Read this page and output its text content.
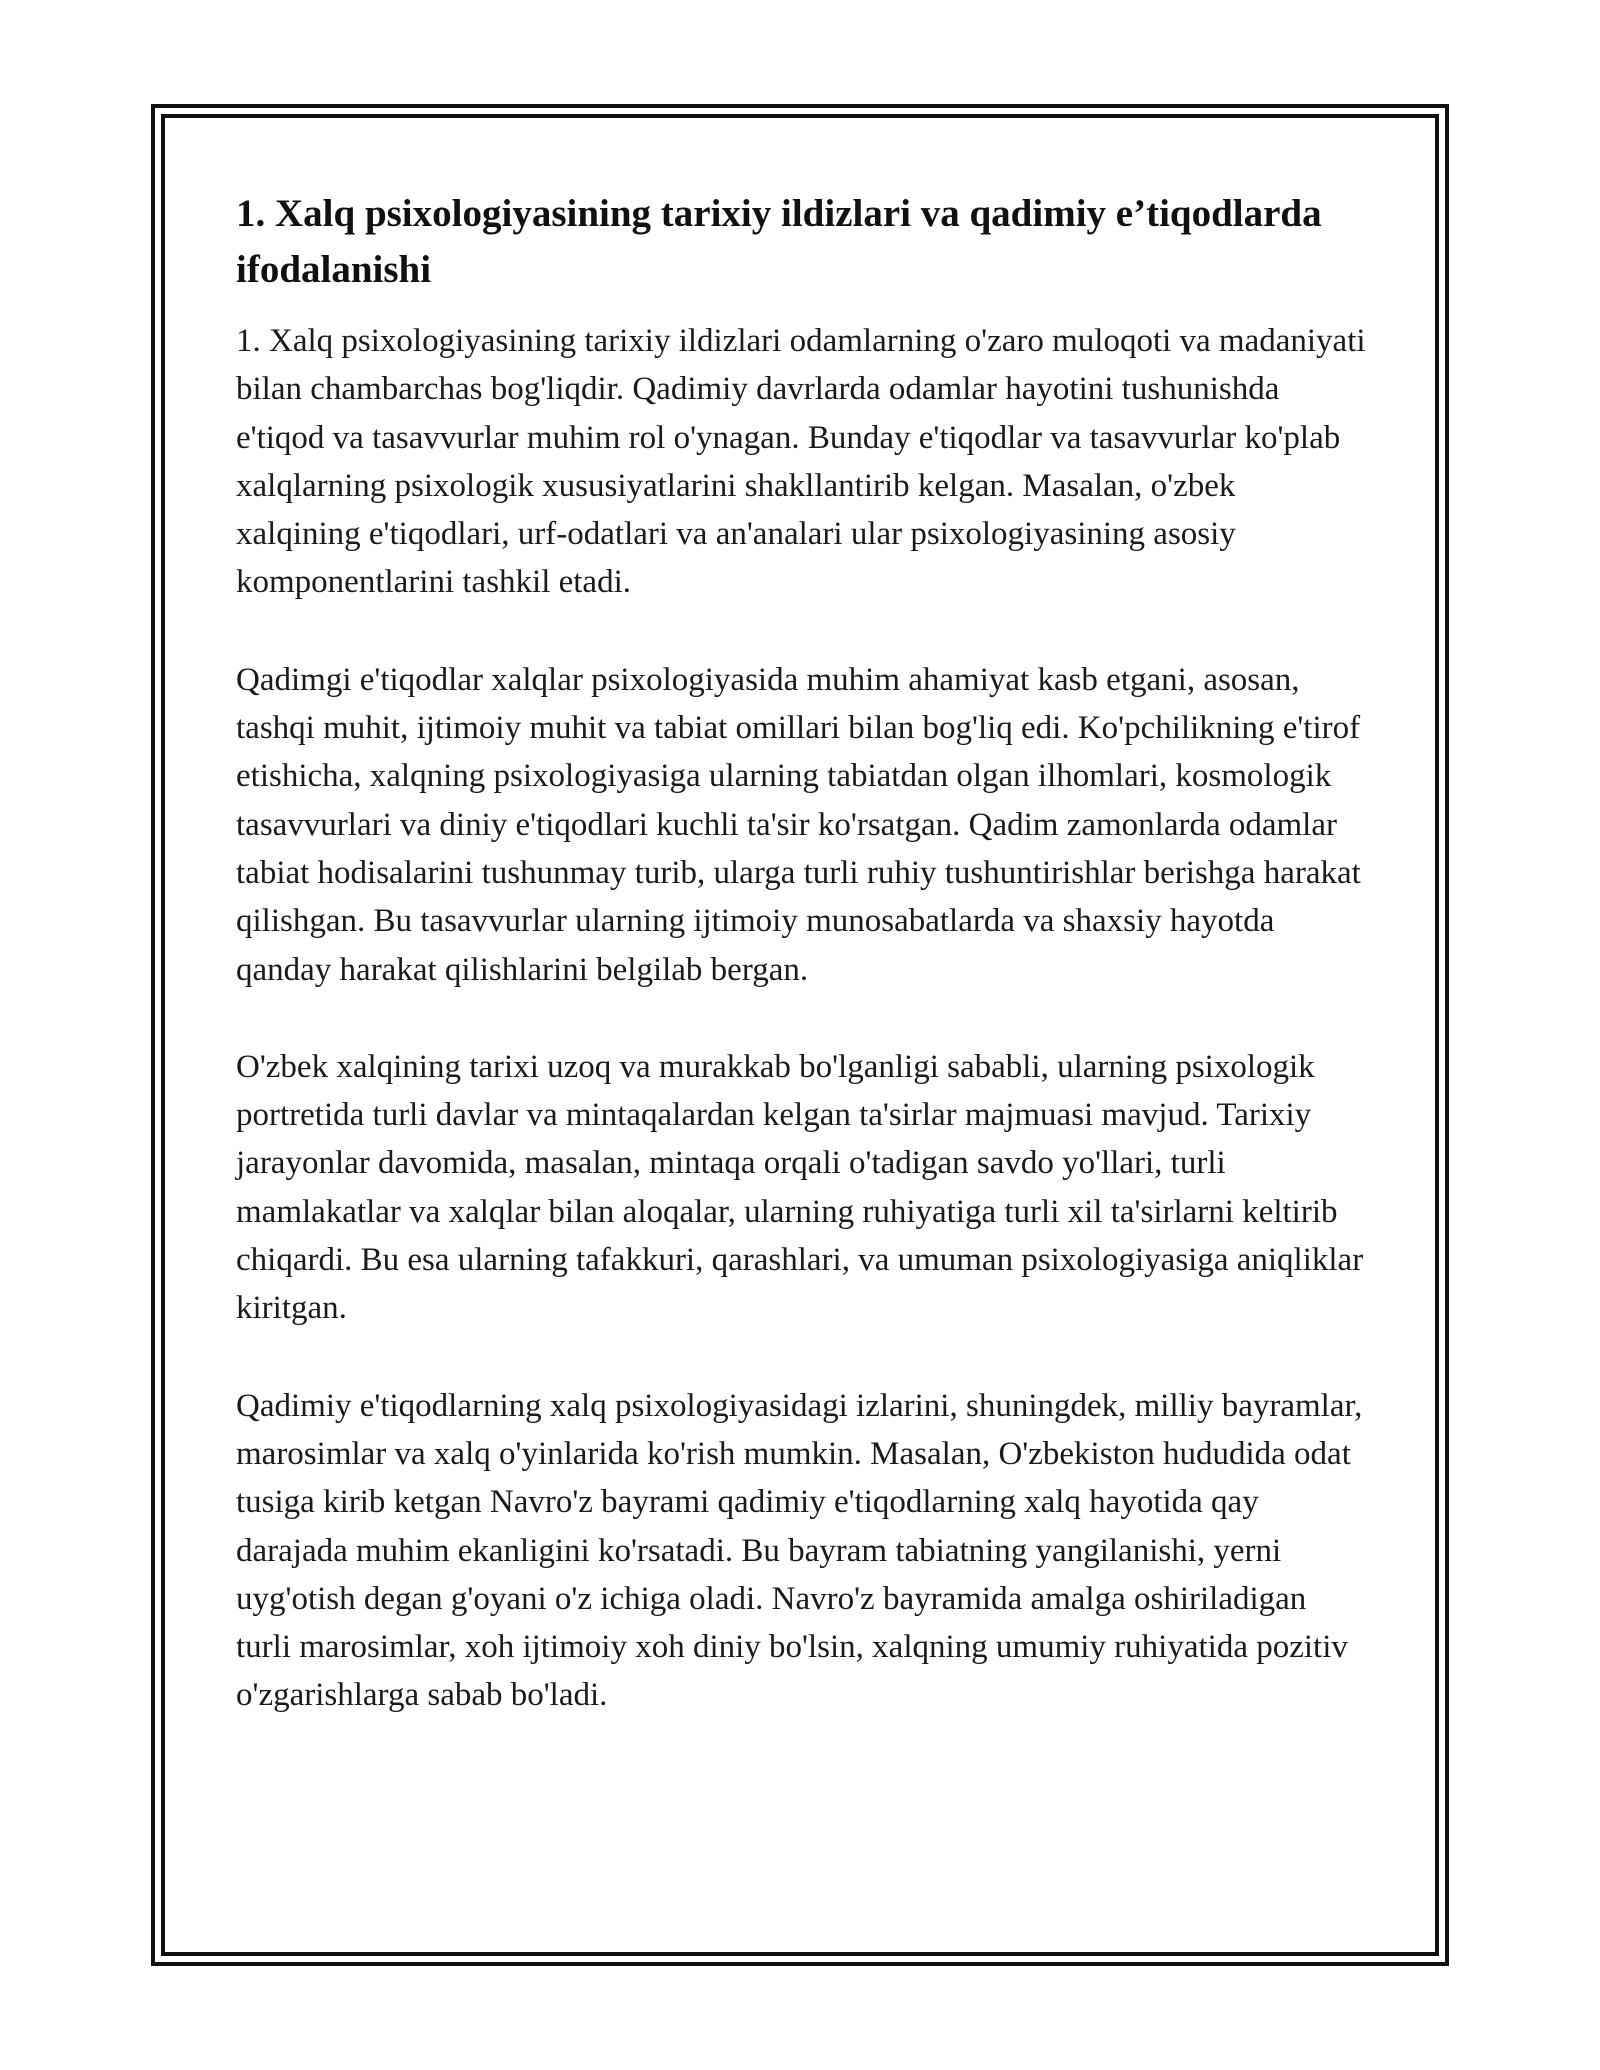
1. Xalq psixologiyasining tarixiy ildizlari va qadimiy e’tiqodlarda ifodalanishi

1. Xalq psixologiyasining tarixiy ildizlari odamlarning o'zaro muloqoti va madaniyati bilan chambarchas bog'liqdir. Qadimiy davrlarda odamlar hayotini tushunishda e'tiqod va tasavvurlar muhim rol o'ynagan. Bunday e'tiqodlar va tasavvurlar ko'plab xalqlarning psixologik xususiyatlarini shakllantirib kelgan. Masalan, o'zbek xalqining e'tiqodlari, urf-odatlari va an'analari ular psixologiyasining asosiy komponentlarini tashkil etadi.

Qadimgi e'tiqodlar xalqlar psixologiyasida muhim ahamiyat kasb etgani, asosan, tashqi muhit, ijtimoiy muhit va tabiat omillari bilan bog'liq edi. Ko'pchilikning e'tirof etishicha, xalqning psixologiyasiga ularning tabiatdan olgan ilhomlari, kosmologik tasavvurlari va diniy e'tiqodlari kuchli ta'sir ko'rsatgan. Qadim zamonlarda odamlar tabiat hodisalarini tushunmay turib, ularga turli ruhiy tushuntirishlar berishga harakat qilishgan. Bu tasavvurlar ularning ijtimoiy munosabatlarda va shaxsiy hayotda qanday harakat qilishlarini belgilab bergan.

O'zbek xalqining tarixi uzoq va murakkab bo'lganligi sababli, ularning psixologik portretida turli davlar va mintaqalardan kelgan ta'sirlar majmuasi mavjud. Tarixiy jarayonlar davomida, masalan, mintaqa orqali o'tadigan savdo yo'llari, turli mamlakatlar va xalqlar bilan aloqalar, ularning ruhiyatiga turli xil ta'sirlarni keltirib chiqardi. Bu esa ularning tafakkuri, qarashlari, va umuman psixologiyasiga aniqliklar kiritgan.

Qadimiy e'tiqodlarning xalq psixologiyasidagi izlarini, shuningdek, milliy bayramlar, marosimlar va xalq o'yinlarida ko'rish mumkin. Masalan, O'zbekiston hududida odat tusiga kirib ketgan Navro'z bayrami qadimiy e'tiqodlarning xalq hayotida qay darajada muhim ekanligini ko'rsatadi. Bu bayram tabiatning yangilanishi, yerni uyg'otish degan g'oyani o'z ichiga oladi. Navro'z bayramida amalga oshiriladigan turli marosimlar, xoh ijtimoiy xoh diniy bo'lsin, xalqning umumiy ruhiyatida pozitiv o'zgarishlarga sabab bo'ladi.
